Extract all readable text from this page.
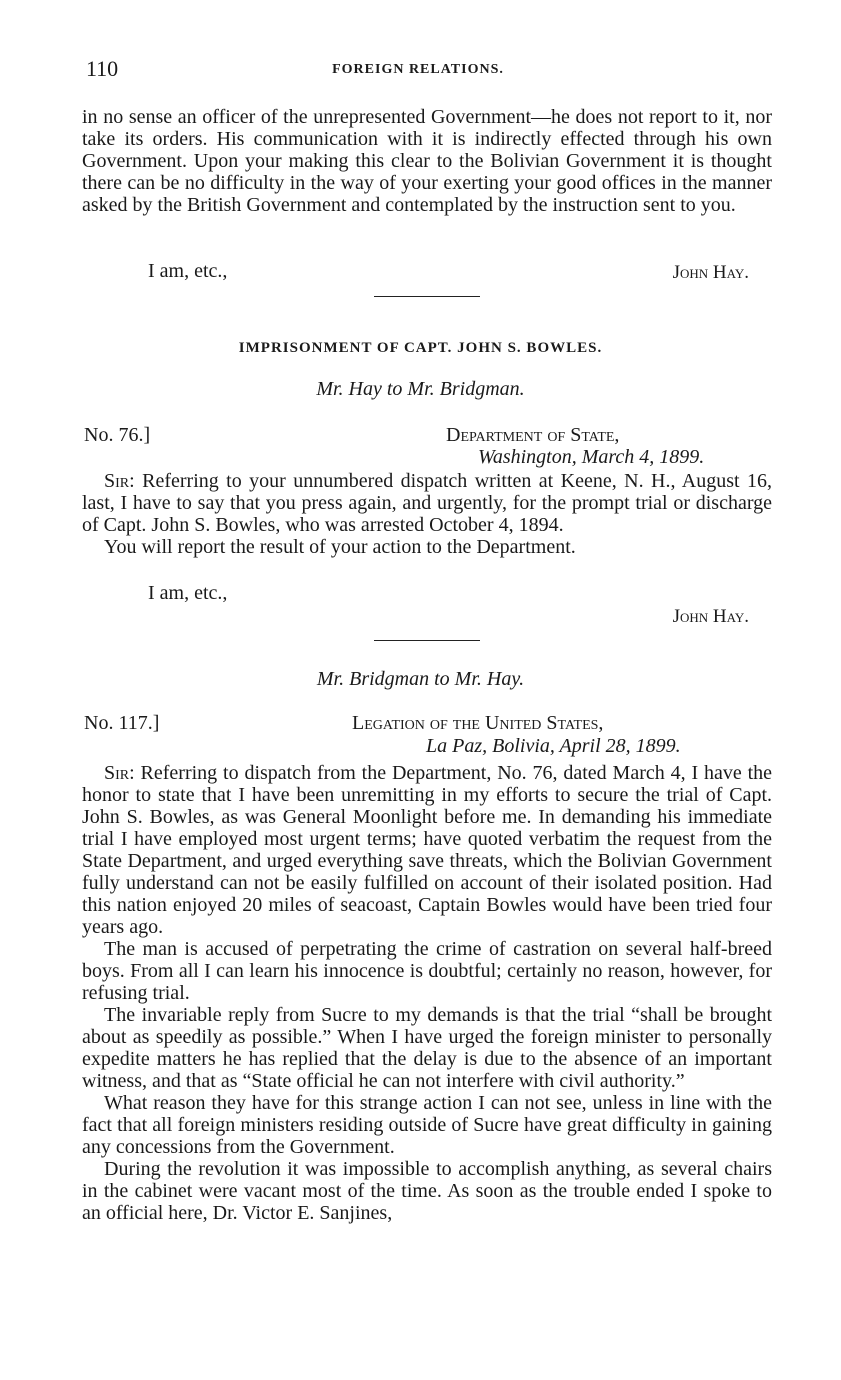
110	FOREIGN RELATIONS.

in no sense an officer of the unrepresented Government—he does not report to it, nor take its orders. His communication with it is indirectly effected through his own Government. Upon your making this clear to the Bolivian Government it is thought there can be no difficulty in the way of your exerting your good offices in the manner asked by the British Government and contemplated by the instruction sent to you.

I am, etc.,	John Hay.
IMPRISONMENT OF CAPT. JOHN S. BOWLES.
Mr. Hay to Mr. Bridgman.
No. 76.]	Department of State,
Washington, March 4, 1899.

Sir: Referring to your unnumbered dispatch written at Keene, N. H., August 16, last, I have to say that you press again, and urgently, for the prompt trial or discharge of Capt. John S. Bowles, who was arrested October 4, 1894.

You will report the result of your action to the Department.

I am, etc.,
John Hay.
Mr. Bridgman to Mr. Hay.
No. 117.]	Legation of the United States,
La Paz, Bolivia, April 28, 1899.

Sir: Referring to dispatch from the Department, No. 76, dated March 4, I have the honor to state that I have been unremitting in my efforts to secure the trial of Capt. John S. Bowles, as was General Moonlight before me. In demanding his immediate trial I have employed most urgent terms; have quoted verbatim the request from the State Department, and urged everything save threats, which the Bolivian Government fully understand can not be easily fulfilled on account of their isolated position. Had this nation enjoyed 20 miles of seacoast, Captain Bowles would have been tried four years ago.

The man is accused of perpetrating the crime of castration on several half-breed boys. From all I can learn his innocence is doubtful; certainly no reason, however, for refusing trial.

The invariable reply from Sucre to my demands is that the trial “shall be brought about as speedily as possible.” When I have urged the foreign minister to personally expedite matters he has replied that the delay is due to the absence of an important witness, and that as “State official he can not interfere with civil authority.”

What reason they have for this strange action I can not see, unless in line with the fact that all foreign ministers residing outside of Sucre have great difficulty in gaining any concessions from the Government.

During the revolution it was impossible to accomplish anything, as several chairs in the cabinet were vacant most of the time. As soon as the trouble ended I spoke to an official here, Dr. Victor E. Sanjines,
